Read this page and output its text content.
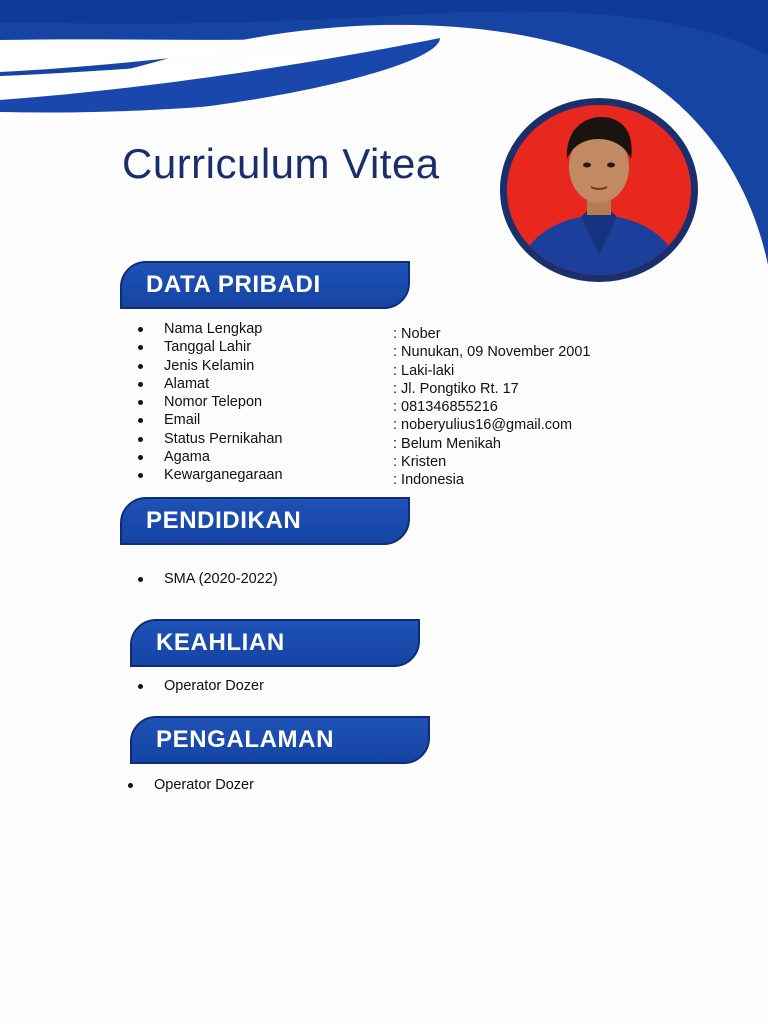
Curriculum Vitea
DATA PRIBADI
Nama Lengkap
Tanggal Lahir
Jenis Kelamin
Alamat
Nomor Telepon
Email
Status Pernikahan
Agama
Kewarganegaraan
: Nober
: Nunukan, 09 November 2001
: Laki-laki
: Jl. Pongtiko Rt. 17
: 081346855216
: noberyulius16@gmail.com
: Belum Menikah
: Kristen
: Indonesia
PENDIDIKAN
SMA (2020-2022)
KEAHLIAN
Operator Dozer
PENGALAMAN
Operator Dozer
